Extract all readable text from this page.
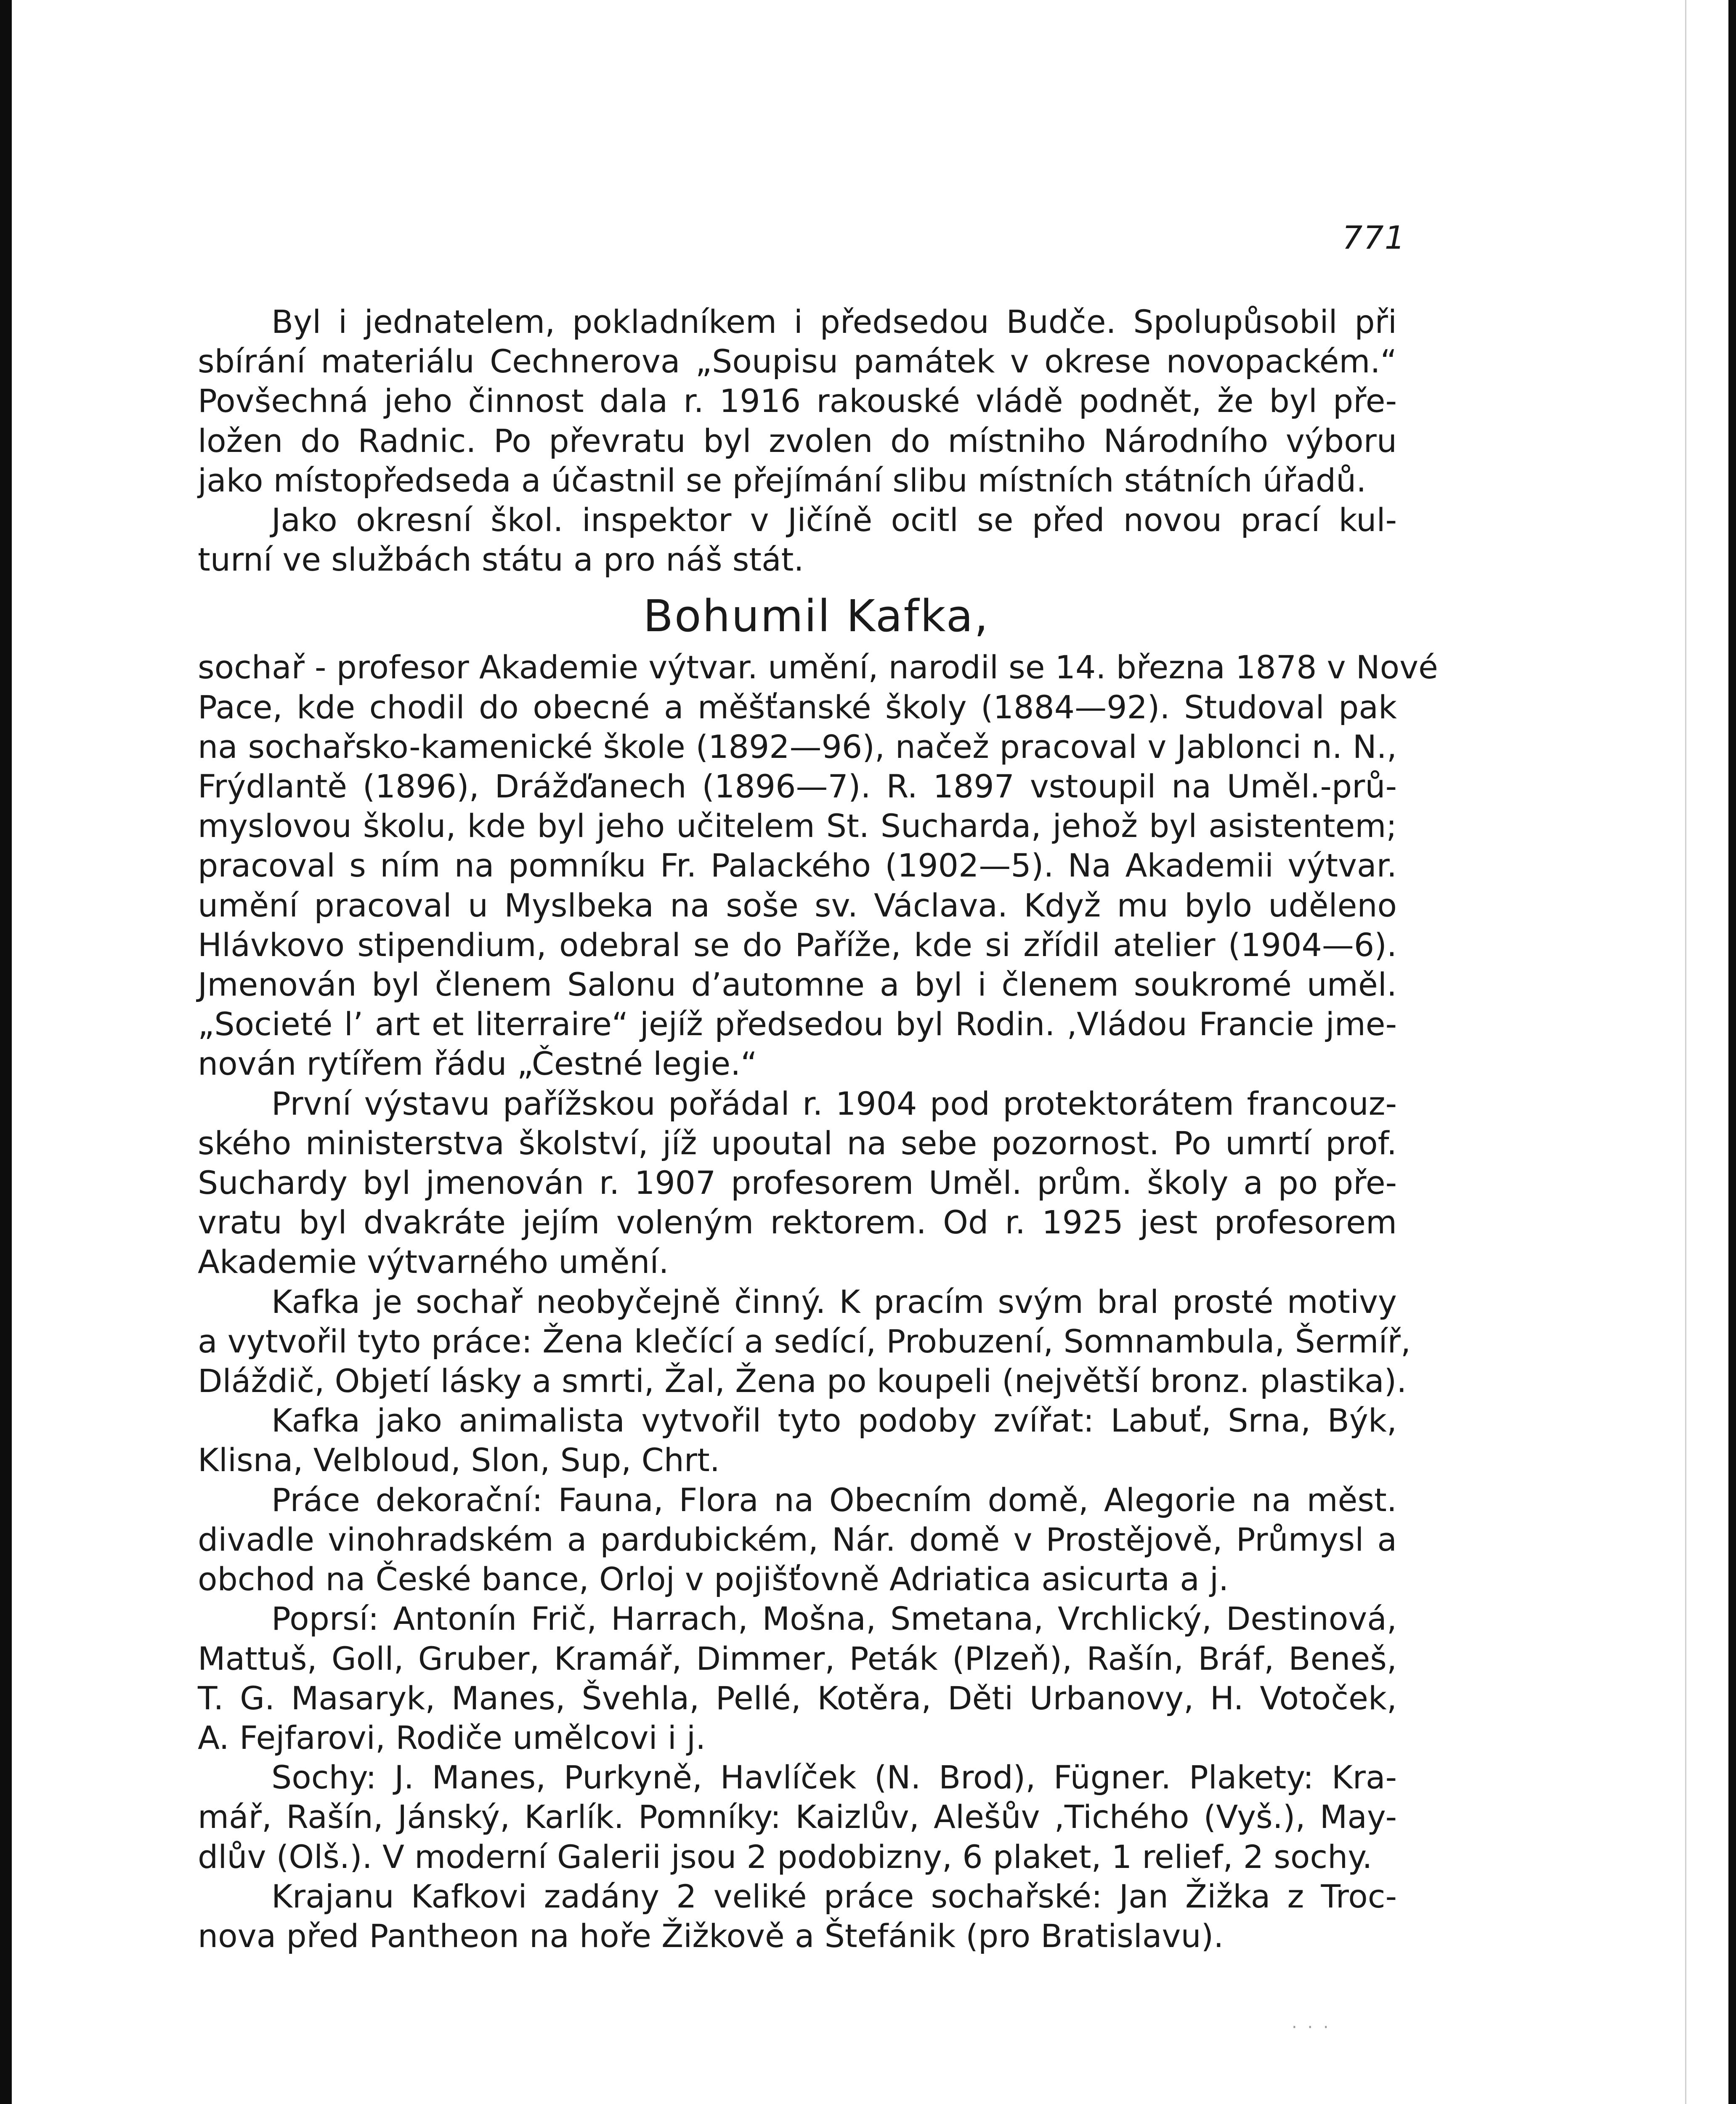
771

Byl i jednatelem, pokladníkem i předsedou Budče. Spolupůsobil při
sbírání materiálu Cechnerova „Soupisu památek v okrese novopackém.“
Povšechná jeho činnost dala r. 1916 rakouské vládě podnět, že byl pře-
ložen do Radnic. Po převratu byl zvolen do místniho Národního výboru
jako místopředseda a účastnil se přejímání slibu místních státních úřadů.

Jako okresní škol. inspektor v Jičíně ocitl se před novou prací kul-
turní ve službách státu a pro náš stát.

Bohumil Kafka,

sochař - profesor Akademie výtvar. umění, narodil se 14. března 1878 v Nové
Pace, kde chodil do obecné a měšťanské školy (1884—92). Studoval pak
na sochařsko-kamenické škole (1892—96), načež pracoval v Jablonci n. N.,
Frýdlantě (1896), Drážďanech (1896—7). R. 1897 vstoupil na Uměl.-prů-
myslovou školu, kde byl jeho učitelem St. Sucharda, jehož byl asistentem;
pracoval s ním na pomníku Fr. Palackého (1902—5). Na Akademii výtvar.
umění pracoval u Myslbeka na soše sv. Václava. Když mu bylo uděleno
Hlávkovo stipendium, odebral se do Paříže, kde si zřídil atelier (1904—6).
Jmenován byl členem Salonu d’automne a byl i členem soukromé uměl.
„Societé l’ art et literraire“ jejíž předsedou byl Rodin. ‚Vládou Francie jme-
nován rytířem řádu „Čestné legie.“

První výstavu pařížskou pořádal r. 1904 pod protektorátem francouz-
ského ministerstva školství, jíž upoutal na sebe pozornost. Po umrtí prof.
Suchardy byl jmenován r. 1907 profesorem Uměl. prům. školy a po pře-
vratu byl dvakráte jejím voleným rektorem. Od r. 1925 jest profesorem
Akademie výtvarného umění.

Kafka je sochař neobyčejně činný. K pracím svým bral prosté motivy
a vytvořil tyto práce: Žena klečící a sedící, Probuzení, Somnambula, Šermíř,
Dláždič, Objetí lásky a smrti, Žal, Žena po koupeli (největší bronz. plastika).

Kafka jako animalista vytvořil tyto podoby zvířat: Labuť, Srna, Býk,
Klisna, Velbloud, Slon, Sup, Chrt.

Práce dekorační: Fauna, Flora na Obecním domě, Alegorie na měst.
divadle vinohradském a pardubickém, Nár. domě v Prostějově, Průmysl a
obchod na České bance, Orloj v pojišťovně Adriatica asicurta a j.

Poprsí: Antonín Frič, Harrach, Mošna, Smetana, Vrchlický, Destinová,
Mattuš, Goll, Gruber, Kramář, Dimmer, Peták (Plzeň), Rašín, Bráf, Beneš,
T. G. Masaryk, Manes, Švehla, Pellé, Kotěra, Děti Urbanovy, H. Votoček,
A. Fejfarovi, Rodiče umělcovi i j.

Sochy: J. Manes, Purkyně, Havlíček (N. Brod), Fügner. Plakety: Kra-
mář, Rašín, Jánský, Karlík. Pomníky: Kaizlův, Alešův ,Tichého (Vyš.), May-
dlův (Olš.). V moderní Galerii jsou 2 podobizny, 6 plaket, 1 relief, 2 sochy.

Krajanu Kafkovi zadány 2 veliké práce sochařské: Jan Žižka z Troc-
nova před Pantheon na hoře Žižkově a Štefánik (pro Bratislavu).

· · ·
